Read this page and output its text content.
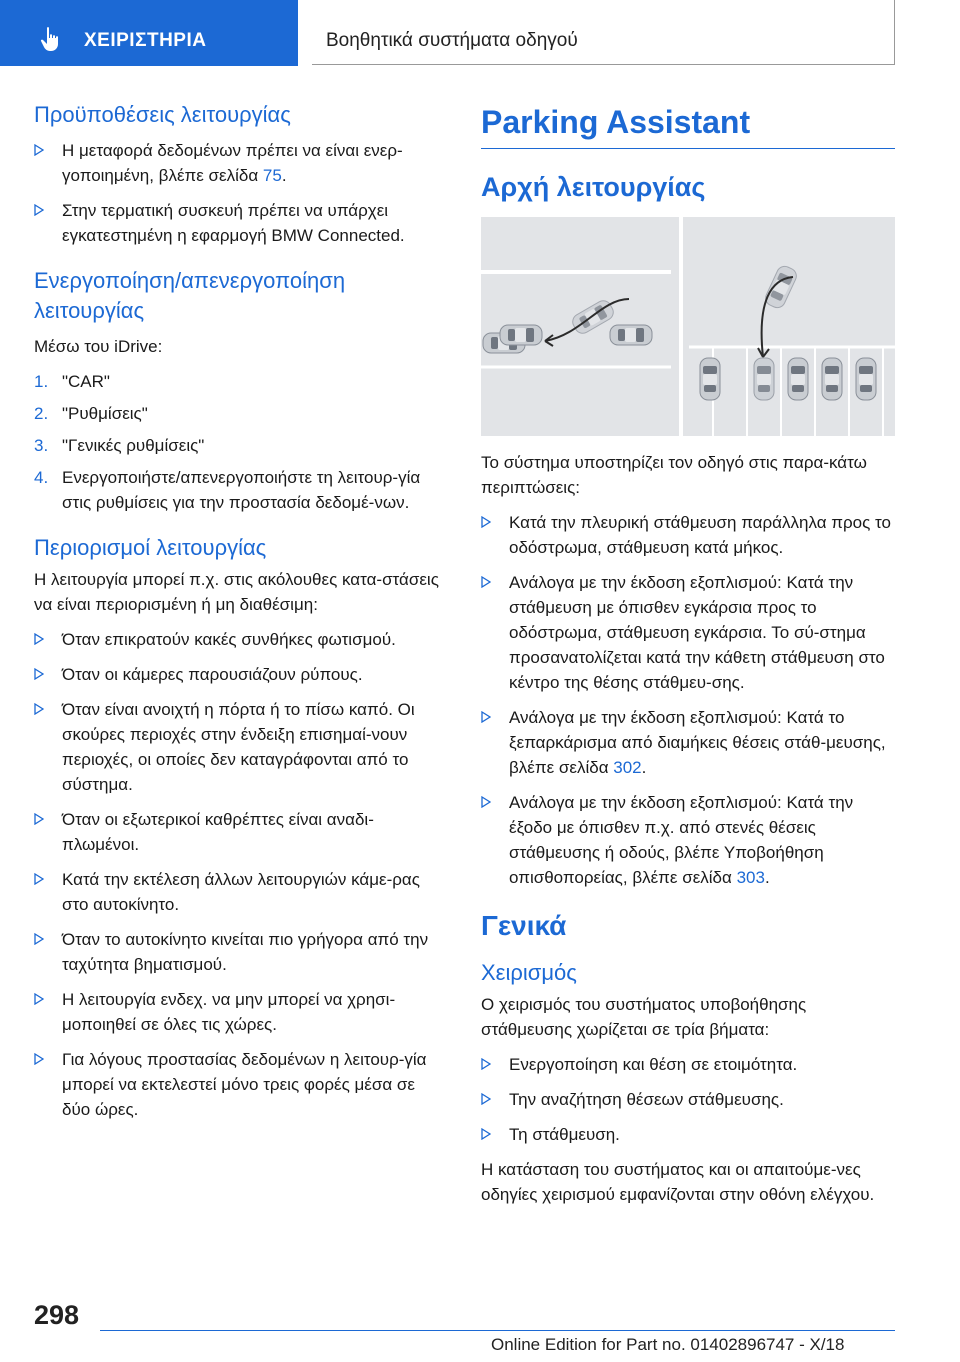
ΧΕΙΡΙΣΤΗΡΙΑ	Βοηθητικά συστήματα οδηγού
Προϋποθέσεις λειτουργίας
Η μεταφορά δεδομένων πρέπει να είναι ενερ-γοποιημένη, βλέπε σελίδα 75.
Στην τερματική συσκευή πρέπει να υπάρχει εγκατεστημένη η εφαρμογή BMW Connected.
Ενεργοποίηση/απενεργοποίηση λειτουργίας

Μέσω του iDrive:

1. "CAR"
2. "Ρυθμίσεις"
3. "Γενικές ρυθμίσεις"
4. Ενεργοποιήστε/απενεργοποιήστε τη λειτουρ-γία στις ρυθμίσεις για την προστασία δεδομέ-νων.
Περιορισμοί λειτουργίας

Η λειτουργία μπορεί π.χ. στις ακόλουθες κατα-στάσεις να είναι περιορισμένη ή μη διαθέσιμη:

Όταν επικρατούν κακές συνθήκες φωτισμού.
Όταν οι κάμερες παρουσιάζουν ρύπους.
Όταν είναι ανοιχτή η πόρτα ή το πίσω καπό. Οι σκούρες περιοχές στην ένδειξη επισημαί-νουν περιοχές, οι οποίες δεν καταγράφονται από το σύστημα.
Όταν οι εξωτερικοί καθρέπτες είναι αναδι-πλωμένοι.
Κατά την εκτέλεση άλλων λειτουργιών κάμε-ρας στο αυτοκίνητο.
Όταν το αυτοκίνητο κινείται πιο γρήγορα από την ταχύτητα βηματισμού.
Η λειτουργία ενδεχ. να μην μπορεί να χρησι-μοποιηθεί σε όλες τις χώρες.
Για λόγους προστασίας δεδομένων η λειτουρ-γία μπορεί να εκτελεστεί μόνο τρεις φορές μέσα σε δύο ώρες.
Parking Assistant
Αρχή λειτουργίας

Το σύστημα υποστηρίζει τον οδηγό στις παρα-κάτω περιπτώσεις:

Κατά την πλευρική στάθμευση παράλληλα προς το οδόστρωμα, στάθμευση κατά μήκος.
Ανάλογα με την έκδοση εξοπλισμού: Κατά την στάθμευση με όπισθεν εγκάρσια προς το οδόστρωμα, στάθμευση εγκάρσια. Το σύ-στημα προσανατολίζεται κατά την κάθετη στάθμευση στο κέντρο της θέσης στάθμευ-σης.
Ανάλογα με την έκδοση εξοπλισμού: Κατά το ξεπαρκάρισμα από διαμήκεις θέσεις στάθ-μευσης, βλέπε σελίδα 302.
Ανάλογα με την έκδοση εξοπλισμού: Κατά την έξοδο με όπισθεν π.χ. από στενές θέσεις στάθμευσης ή οδούς, βλέπε Υποβοήθηση οπισθοπορείας, βλέπε σελίδα 303.
Γενικά
Χειρισμός

Ο χειρισμός του συστήματος υποβοήθησης στάθμευσης χωρίζεται σε τρία βήματα:

Ενεργοποίηση και θέση σε ετοιμότητα.
Την αναζήτηση θέσεων στάθμευσης.
Τη στάθμευση.

Η κατάσταση του συστήματος και οι απαιτούμε-νες οδηγίες χειρισμού εμφανίζονται στην οθόνη ελέγχου.

298
Online Edition for Part no. 01402896747 - X/18
